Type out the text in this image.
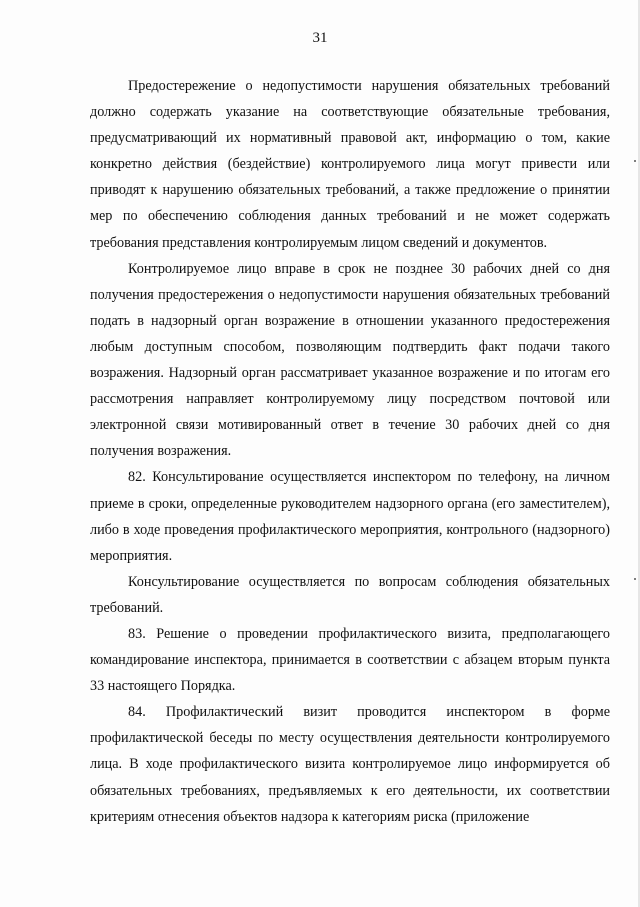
31

Предостережение о недопустимости нарушения обязательных требований должно содержать указание на соответствующие обязательные требования, предусматривающий их нормативный правовой акт, информацию о том, какие конкретно действия (бездействие) контролируемого лица могут привести или приводят к нарушению обязательных требований, а также предложение о принятии мер по обеспечению соблюдения данных требований и не может содержать требования представления контролируемым лицом сведений и документов.

Контролируемое лицо вправе в срок не позднее 30 рабочих дней со дня получения предостережения о недопустимости нарушения обязательных требований подать в надзорный орган возражение в отношении указанного предостережения любым доступным способом, позволяющим подтвердить факт подачи такого возражения. Надзорный орган рассматривает указанное возражение и по итогам его рассмотрения направляет контролируемому лицу посредством почтовой или электронной связи мотивированный ответ в течение 30 рабочих дней со дня получения возражения.

82. Консультирование осуществляется инспектором по телефону, на личном приеме в сроки, определенные руководителем надзорного органа (его заместителем), либо в ходе проведения профилактического мероприятия, контрольного (надзорного) мероприятия.

Консультирование осуществляется по вопросам соблюдения обязательных требований.

83. Решение о проведении профилактического визита, предполагающего командирование инспектора, принимается в соответствии с абзацем вторым пункта 33 настоящего Порядка.

84. Профилактический визит проводится инспектором в форме профилактической беседы по месту осуществления деятельности контролируемого лица. В ходе профилактического визита контролируемое лицо информируется об обязательных требованиях, предъявляемых к его деятельности, их соответствии критериям отнесения объектов надзора к категориям риска (приложение
